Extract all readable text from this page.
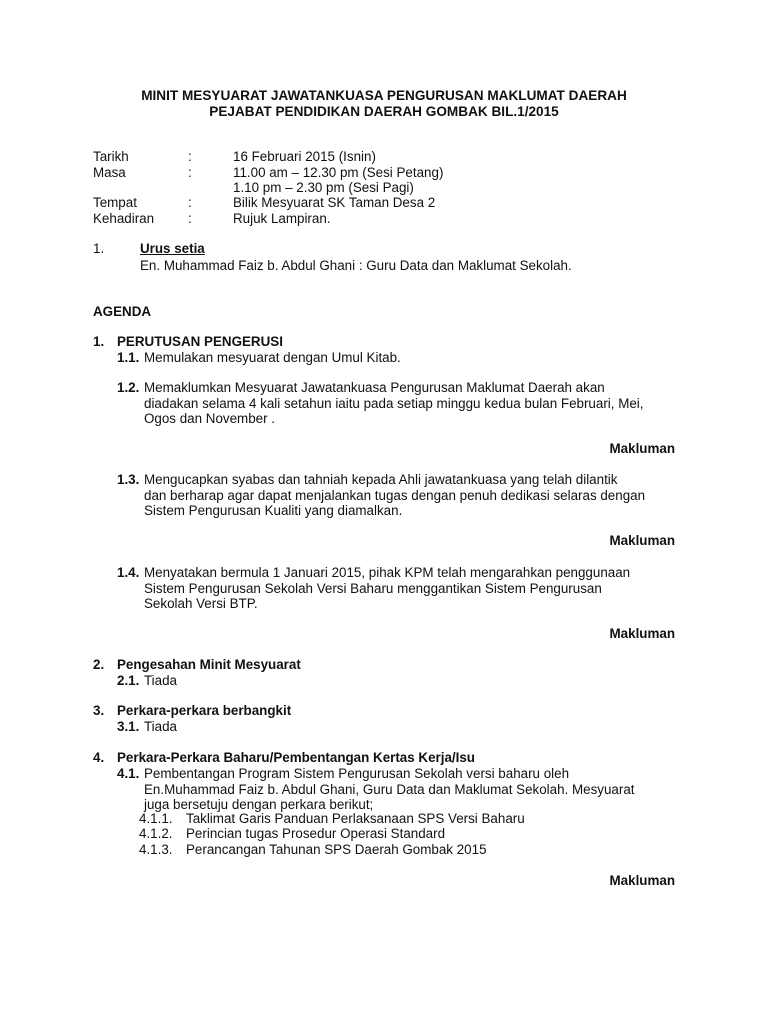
MINIT MESYUARAT JAWATANKUASA PENGURUSAN MAKLUMAT DAERAH
PEJABAT PENDIDIKAN DAERAH GOMBAK BIL.1/2015
Tarikh	:	16 Februari 2015 (Isnin)
Masa	:	11.00 am – 12.30 pm (Sesi Petang)
1.10 pm – 2.30 pm (Sesi Pagi)
Tempat	:	Bilik Mesyuarat SK Taman Desa 2
Kehadiran	:	Rujuk Lampiran.
1.	Urus setia
En. Muhammad Faiz b. Abdul Ghani : Guru Data dan Maklumat Sekolah.
AGENDA
1. PERUTUSAN PENGERUSI
1.1. Memulakan mesyuarat dengan Umul Kitab.
1.2. Memaklumkan Mesyuarat Jawatankuasa Pengurusan Maklumat Daerah akan
diadakan selama 4 kali setahun iaitu pada setiap minggu kedua bulan Februari, Mei,
Ogos dan November .
Makluman
1.3. Mengucapkan syabas dan tahniah kepada Ahli jawatankuasa yang telah dilantik
dan berharap agar dapat menjalankan tugas dengan penuh dedikasi selaras dengan
Sistem Pengurusan Kualiti yang diamalkan.
Makluman
1.4. Menyatakan bermula 1 Januari 2015, pihak KPM telah mengarahkan penggunaan
Sistem Pengurusan Sekolah Versi Baharu menggantikan Sistem Pengurusan
Sekolah Versi BTP.
Makluman
2. Pengesahan Minit Mesyuarat
2.1. Tiada
3. Perkara-perkara berbangkit
3.1. Tiada
4. Perkara-Perkara Baharu/Pembentangan Kertas Kerja/Isu
4.1. Pembentangan Program Sistem Pengurusan Sekolah versi baharu oleh
En.Muhammad Faiz b. Abdul Ghani, Guru Data dan Maklumat Sekolah. Mesyuarat
juga bersetuju dengan perkara berikut;
4.1.1. Taklimat Garis Panduan Perlaksanaan SPS Versi Baharu
4.1.2. Perincian tugas Prosedur Operasi Standard
4.1.3. Perancangan Tahunan SPS Daerah Gombak 2015
Makluman
